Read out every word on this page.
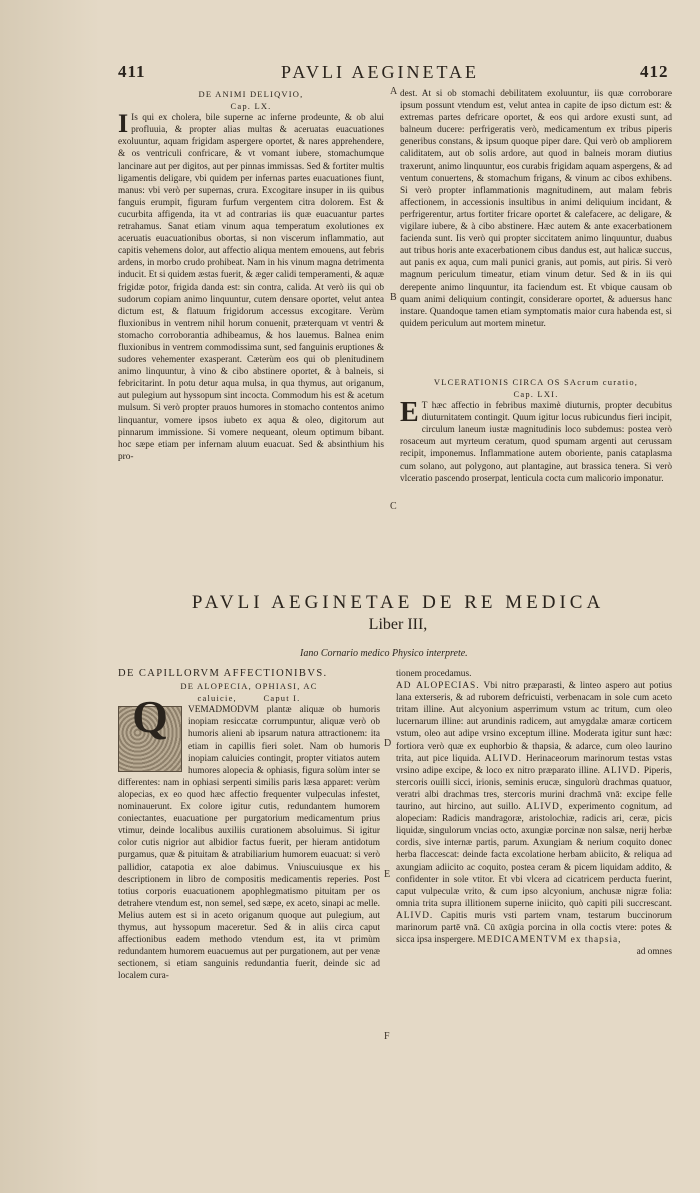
411	PAVLI AEGINETAE	412

DE ANIMI DELIQVIO,

Cap. LX.

I Is qui ex cholera, bile superne ac inferne prodeunte, & ob alui profluuia, & propter alias multas & aceruatas euacuationes exoluuntur, aquam frigidam aspergere oportet, & nares apprehendere, & os ventriculi confricare, & vt vomant iubere, stomachumque lancinare aut per digitos, aut per pinnas immissas. Sed & fortiter multis ligamentis deligare, vbi quidem per infernas partes euacuationes fiunt, manus: vbi verò per supernas, crura. Excogitare insuper in iis quibus fanguis erumpit, figuram furfum vergentem citra dolorem. Est & cucurbita affigenda, ita vt ad contrarias iis quæ euacuantur partes retrahamus. Sanat etiam vinum aqua temperatum exolutiones ex aceruatis euacuationibus obortas, si non viscerum inflammatio, aut capitis vehemens dolor, aut affectio aliqua mentem emouens, aut febris ardens, in morbo crudo prohibeat. Nam in his vinum magna detrimenta inducit. Et si quidem æstas fuerit, & æger calidi temperamenti, & aquæ frigidæ potor, frigida danda est: sin contra, calida. At verò iis qui ob sudorum copiam animo linquuntur, cutem densare oportet, velut antea dictum est, & flatuum frigidorum accessus excogitare. Verùm fluxionibus in ventrem nihil horum conuenit, præterquam vt ventri & stomacho corroborantia adhibeamus, & hos lauemus. Balnea enim fluxionibus in ventrem commodissima sunt, sed fanguinis eruptiones & sudores vehementer exasperant. Cæterùm eos qui ob plenitudinem animo linquuntur, à vino & cibo abstinere oportet, & à balneis, si febricitarint. In potu detur aqua mulsa, in qua thymus, aut origanum, aut pulegium aut hyssopum sint incocta. Commodum his est & acetum mulsum. Si verò propter prauos humores in stomacho contentos animo linquantur, vomere ipsos iubeto ex aqua & oleo, digitorum aut pinnarum immissione. Si vomere nequeant, oleum optimum bibant. hoc sæpe etiam per infernam aluum euacuat. Sed & absinthium his pro-

A
B
C
D
E
F

dest. At si ob stomachi debilitatem exoluuntur, iis quæ corroborare ipsum possunt vtendum est, velut antea in capite de ipso dictum est: & extremas partes defricare oportet, & eos qui ardore exusti sunt, ad balneum ducere: perfrigeratis verò, medicamentum ex tribus piperis generibus constans, & ipsum quoque piper dare. Qui verò ob ampliorem caliditatem, aut ob solis ardore, aut quod in balneis moram diutius traxerunt, animo linquuntur, eos curabis frigidam aquam aspergens, & ad ventum conuertens, & stomachum frigans, & vinum ac cibos exhibens. Si verò propter inflammationis magnitudinem, aut malam febris affectionem, in accessionis insultibus in animi deliquium incidant, & perfrigerentur, artus fortiter fricare oportet & calefacere, ac deligare, & vigilare iubere, & à cibo abstinere. Hæc autem & ante exacerbationem facienda sunt. Iis verò qui propter siccitatem animo linquuntur, duabus aut tribus horis ante exacerbationem cibus dandus est, aut halicæ succus, aut panis ex aqua, cum mali punici granis, aut pomis, aut piris. Si verò magnum periculum timeatur, etiam vinum detur. Sed & in iis qui derepente animo linquuntur, ita faciendum est. Et vbique causam ob quam animi deliquium contingit, considerare oportet, & aduersus hanc instare. Quandoque tamen etiam symptomatis maior cura habenda est, si quidem periculum aut mortem minetur.

VLCERATIONIS CIRCA OS SAcrum curatio,

Cap. LXI.

E T hæc affectio in febribus maximè diuturnis, propter decubitus diuturnitatem contingit. Quum igitur locus rubicundus fieri incipit, circulum laneum iustæ magnitudinis loco subdemus: postea verò rosaceum aut myrteum ceratum, quod spumam argenti aut cerussam recipit, imponemus. Inflammatione autem oboriente, panis cataplasma cum solano, aut polygono, aut plantagine, aut brassica tenera. Si verò vlceratio pascendo proserpat, lenticula cocta cum malicorio imponatur.

PAVLI AEGINETAE DE RE MEDICA
Liber III,
Iano Cornario medico Physico interprete.

DE CAPILLORVM AFFECTIONIBVS.

DE ALOPECIA, OPHIASI, AC

caluicie,	Caput I.

Q	VEMADMODVM plantæ aliquæ ob humoris inopiam resiccatæ corrumpuntur, aliquæ verò ob humoris alieni ab ipsarum natura attractionem: ita etiam in capillis fieri solet. Nam ob humoris inopiam caluicies contingit, propter vitiatos autem humores alopecia & ophiasis, figura solùm inter se differentes: nam in ophiasi serpenti similis paris læsa apparet: verùm alopecias, ex eo quod hæc affectio frequenter vulpeculas infestet, nominauerunt. Ex colore igitur cutis, redundantem humorem coniectantes, euacuatione per purgatorium medicamentum prius vtimur, deinde localibus auxiliis curationem absoluimus. Si igitur color cutis nigrior aut albidior factus fuerit, per hieram antidotum purgamus, quæ & pituitam & atrabiliarium humorem euacuat: si verò pallidior, catapotia ex aloe dabimus. Vniuscuiusque ex his descriptionem in libro de compositis medicamentis reperies. Post totius corporis euacuationem apophlegmatismo pituitam per os detrahere vtendum est, non semel, sed sæpe, ex aceto, sinapi ac melle. Melius autem est si in aceto origanum quoque aut pulegium, aut thymus, aut hyssopum maceretur. Sed & in aliis circa caput affectionibus eadem methodo vtendum est, ita vt primùm redundantem humorem euacuemus aut per purgationem, aut per venæ sectionem, si etiam sanguinis redundantia fuerit, deinde sic ad localem cura-

tionem procedamus.

AD ALOPECIAS. Vbi nitro præparasti, & linteo aspero aut potius lana exterseris, & ad ruborem defricuisti, verbenacam in sole cum aceto tritam illine. Aut alcyonium asperrimum vstum ac tritum, cum oleo lucernarum illine: aut arundinis radicem, aut amygdalæ amaræ corticem vstum, oleo aut adipe vrsino exceptum illine. Moderata igitur sunt hæc: fortiora verò quæ ex euphorbio & thapsia, & adarce, cum oleo laurino trita, aut pice liquida. ALIVD. Herinaceorum marinorum testas vstas vrsino adipe excipe, & loco ex nitro præparato illine. ALIVD. Piperis, stercoris ouilli sicci, irionis, seminis erucæ, singulorù drachmas quatuor, veratri albi drachmas tres, stercoris murini drachmā vnā: excipe felle taurino, aut hircino, aut suillo. ALIVD, experimento cognitum, ad alopeciam: Radicis mandragoræ, aristolochiæ, radicis ari, ceræ, picis liquidæ, singulorum vncias octo, axungiæ porcinæ non salsæ, nerij herbæ cordis, sive internæ partis, parum. Axungiam & nerium coquito donec herba flaccescat: deinde facta excolatione herbam abiicito, & reliqua ad axungiam adiicito ac coquito, postea ceram & picem liquidam addito, & confidenter in sole vtitor. Et vbi vlcera ad cicatricem perducta fuerint, caput vulpeculæ vrito, & cum ipso alcyonium, anchusæ nigræ folia: omnia trita supra illitionem superne iniicito, quò capiti pili succrescant. ALIVD. Capitis muris vsti partem vnam, testarum buccinorum marinorum partē vnā. Cū axūgia porcina in olla coctis vtere: potes & sicca ipsa inspergere. MEDICAMENTVM ex thapsia,

ad omnes
